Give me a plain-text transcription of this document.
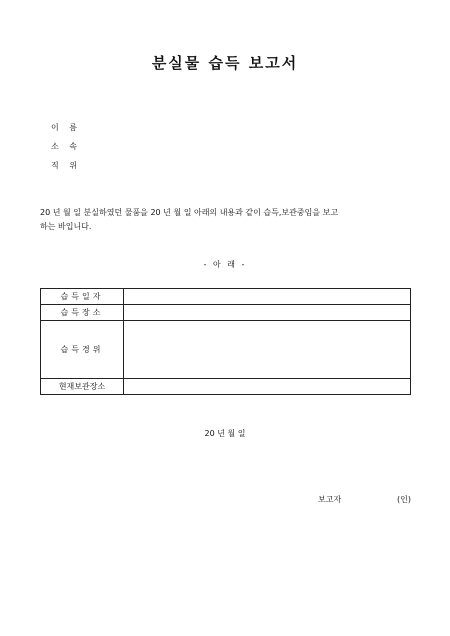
분실물 습득 보고서
이 름
소 속
직 위
20 년 월 일 분실하였던 물품을 20 년 월 일 아래의 내용과 같이 습득,보관중임을 보고
하는 바입니다.
- 아 래 -
습득일자	
습득장소	
습득경위	
현재보관장소	
20 년 월 일
보고자	(인)
